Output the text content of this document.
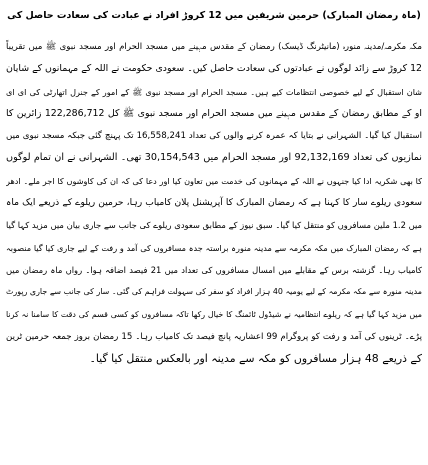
(ماہ رمضان المبارک) حرمین شریفین میں 12 کروڑ افراد نے عبادت کی سعادت حاصل کی
مکہ مکرمہ/مدینہ منورہ (مانیٹرنگ ڈیسک) رمضان کے مقدس مہینے میں مسجد الحرام اور مسجد نبوی ﷺ میں تقریباً
12 کروڑ سے زائد لوگوں نے عبادتوں کی سعادت حاصل کیں۔ سعودی حکومت نے اللہ کے مہمانوں کے شایان
شان استقبال کے لیے خصوصی انتظامات کیے ہیں۔ مسجد الحرام اور مسجد نبوی ﷺ کے امور کے جنرل اتھارٹی کی ای ای
او کے مطابق رمضان کے مقدس مہینے میں مسجد الحرام اور مسجد نبوی ﷺ کل 122,286,712 زائرین کا
استقبال کیا گیا۔ الشہرانی نے بتایا کہ عمرہ کرنے والوں کی تعداد 16,558,241 تک پہنچ گئی جبکہ مسجد نبوی میں
نمازیوں کی تعداد 92,132,169 اور مسجد الحرام میں 30,154,543 تھی۔ الشہرانی نے ان تمام لوگوں
کا بھی شکریہ ادا کیا جنہوں نے اللہ کے مہمانوں کی خدمت میں تعاون کیا اور دعا کی کہ ان کی کاوشوں کا اجر ملے۔ ادھر
سعودی ریلوے سار کا کہنا ہے کہ رمضان المبارک کا آپریشنل پلان کامیاب رہا، حرمین ریلوے کے ذریعے ایک ماہ
میں 1.2 ملین مسافروں کو منتقل کیا گیا۔ سبق نیوز کے مطابق سعودی ریلوے کی جانب سے جاری بیان میں مزید کہا گیا
ہے کہ رمضان المبارک میں مکہ مکرمہ سے مدینہ منورہ براستہ جدہ مسافروں کی آمد و رفت کے لیے جاری کیا گیا منصوبہ
کامیاب رہا۔ گزشتہ برس کے مقابلے میں امسال مسافروں کی تعداد میں 21 فیصد اضافہ ہوا۔ رواں ماہ رمضان میں
مدینہ منورہ سے مکہ مکرمہ کے لیے یومیہ 40 ہزار افراد کو سفر کی سہولت فراہم کی گئی۔ سار کی جانب سے جاری رپورٹ
میں مزید کہا گیا ہے کہ ریلوے انتظامیہ نے شیڈول ٹائمنگ کا خیال رکھا تاکہ مسافروں کو کسی قسم کی دقت کا سامنا نہ کرنا
پڑے۔ ٹرینوں کی آمد و رفت کو پروگرام 99 اعشاریہ پانچ فیصد تک کامیاب رہا۔ 15 رمضان بروز جمعہ حرمین ٹرین
کے ذریعے 48 ہزار مسافروں کو مکہ سے مدینہ اور بالعکس منتقل کیا گیا۔
